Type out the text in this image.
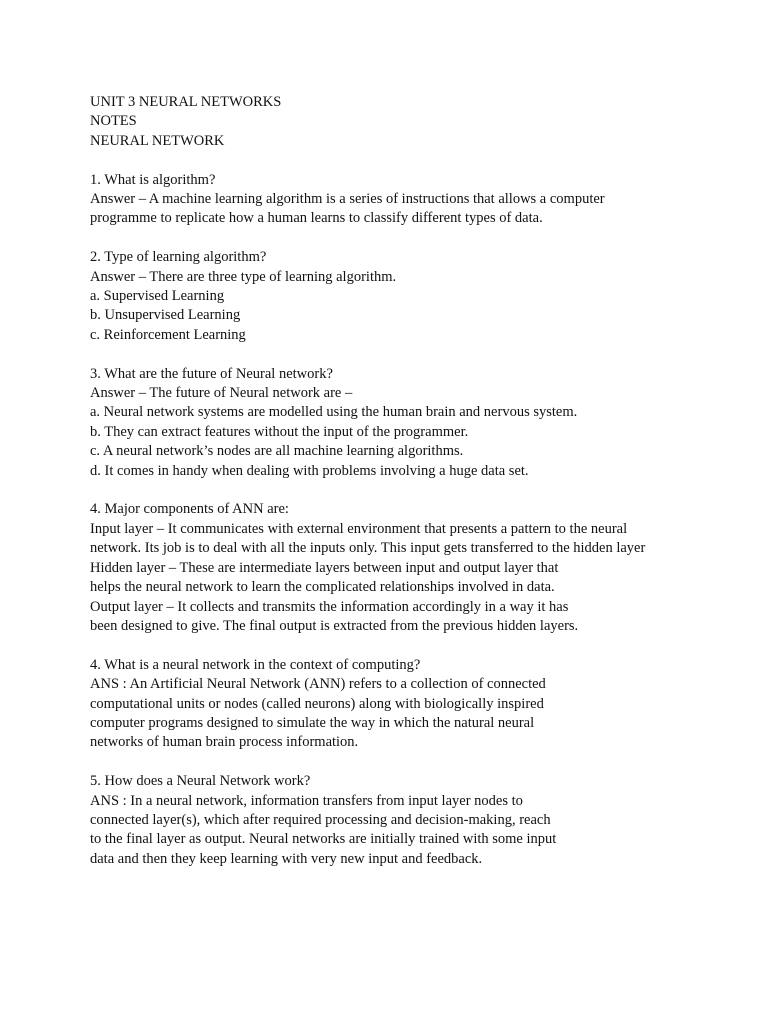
UNIT 3 NEURAL NETWORKS
NOTES
NEURAL NETWORK
1. What is algorithm?
Answer – A machine learning algorithm is a series of instructions that allows a computer
programme to replicate how a human learns to classify different types of data.
2. Type of learning algorithm?
Answer – There are three type of learning algorithm.
a. Supervised Learning
b. Unsupervised Learning
c. Reinforcement Learning
3. What are the future of Neural network?
Answer – The future of Neural network are –
a. Neural network systems are modelled using the human brain and nervous system.
b. They can extract features without the input of the programmer.
c. A neural network’s nodes are all machine learning algorithms.
d. It comes in handy when dealing with problems involving a huge data set.
4. Major components of ANN are:
Input layer – It communicates with external environment that presents a pattern to the neural
network. Its job is to deal with all the inputs only. This input gets transferred to the hidden layer
Hidden layer – These are intermediate layers between input and output layer that
helps the neural network to learn the complicated relationships involved in data.
Output layer – It collects and transmits the information accordingly in a way it has
been designed to give. The final output is extracted from the previous hidden layers.
4. What is a neural network in the context of computing?
ANS : An Artificial Neural Network (ANN) refers to a collection of connected
computational units or nodes (called neurons) along with biologically inspired
computer programs designed to simulate the way in which the natural neural
networks of human brain process information.
5. How does a Neural Network work?
ANS : In a neural network, information transfers from input layer nodes to
connected layer(s), which after required processing and decision-making, reach
to the final layer as output. Neural networks are initially trained with some input
data and then they keep learning with very new input and feedback.
